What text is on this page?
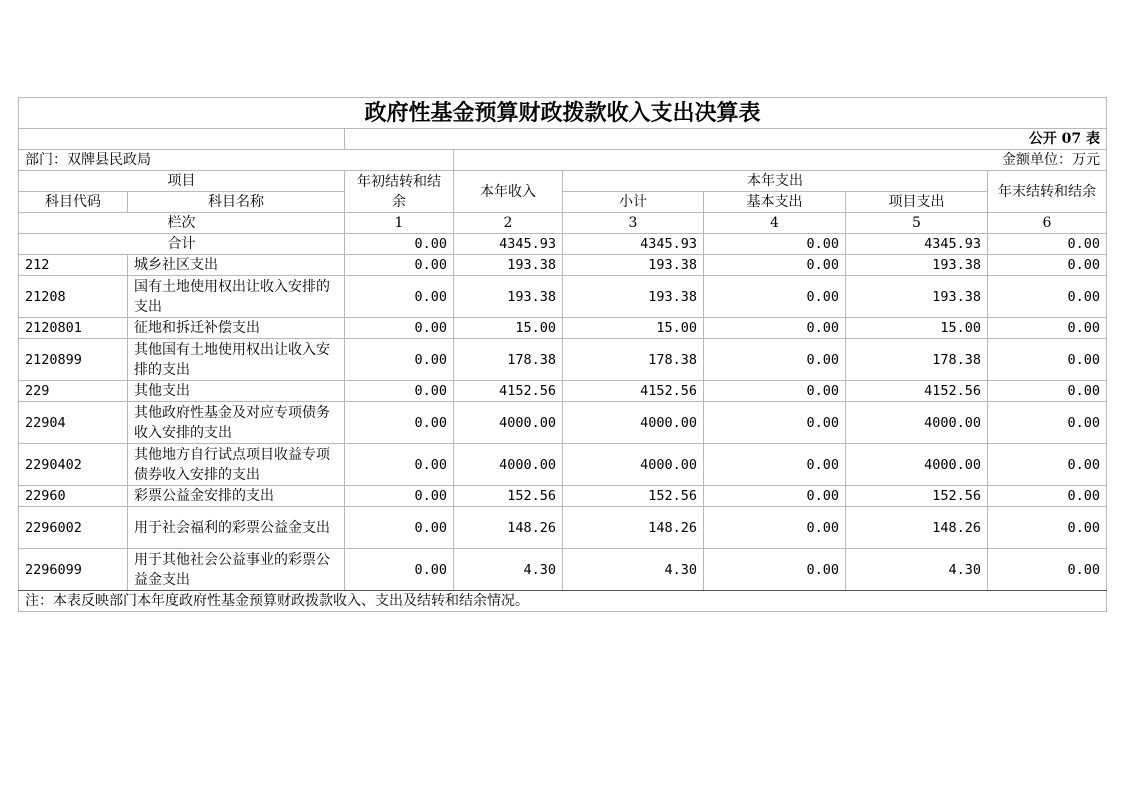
政府性基金预算财政拨款收入支出决算表							
		公开 07 表					
部门：双牌县民政局			金额单位：万元				
项目		年初结转和结余	本年收入	本年支出			年末结转和结余
科目代码	科目名称			小计	基本支出	项目支出	
栏次		1	2	3	4	5	6
合计		0.00	4345.93	4345.93	0.00	4345.93	0.00
212	城乡社区支出	0.00	193.38	193.38	0.00	193.38	0.00
21208	国有土地使用权出让收入安排的支出	0.00	193.38	193.38	0.00	193.38	0.00
2120801	征地和拆迁补偿支出	0.00	15.00	15.00	0.00	15.00	0.00
2120899	其他国有土地使用权出让收入安排的支出	0.00	178.38	178.38	0.00	178.38	0.00
229	其他支出	0.00	4152.56	4152.56	0.00	4152.56	0.00
22904	其他政府性基金及对应专项债务收入安排的支出	0.00	4000.00	4000.00	0.00	4000.00	0.00
2290402	其他地方自行试点项目收益专项债券收入安排的支出	0.00	4000.00	4000.00	0.00	4000.00	0.00
22960	彩票公益金安排的支出	0.00	152.56	152.56	0.00	152.56	0.00
2296002	用于社会福利的彩票公益金支出	0.00	148.26	148.26	0.00	148.26	0.00
2296099	用于其他社会公益事业的彩票公益金支出	0.00	4.30	4.30	0.00	4.30	0.00
注：本表反映部门本年度政府性基金预算财政拨款收入、支出及结转和结余情况。							
